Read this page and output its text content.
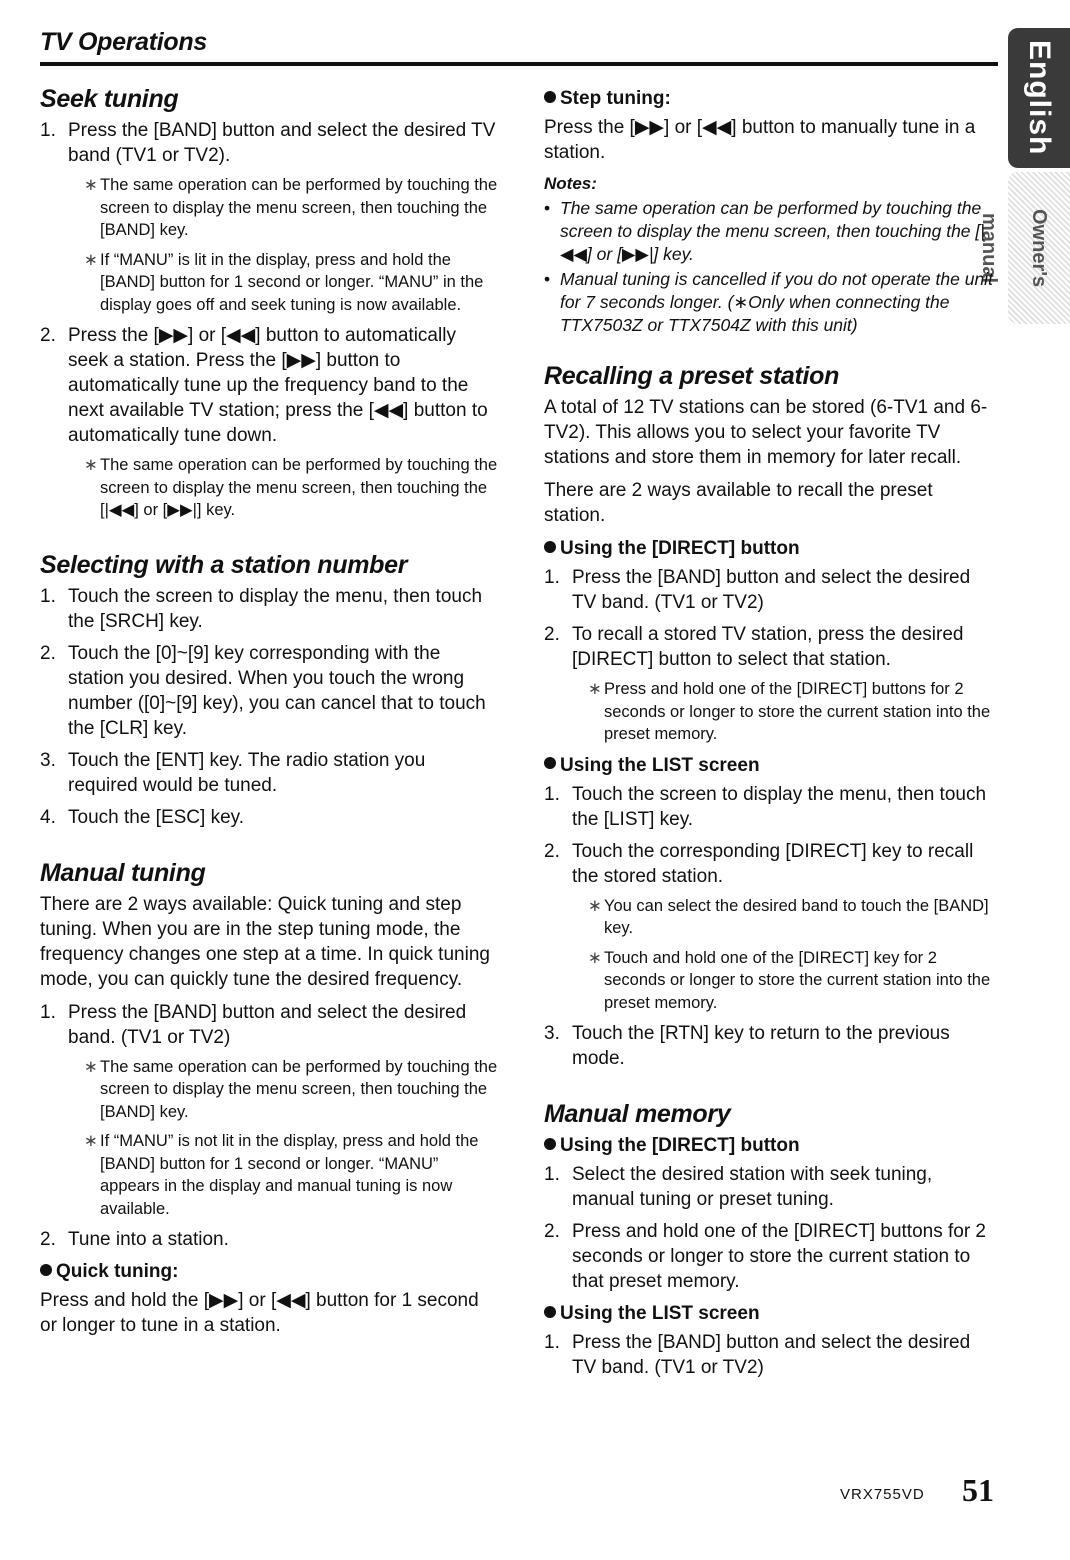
TV Operations	English
Owner's manual
Seek tuning
1. Press the [BAND] button and select the desired TV band (TV1 or TV2).
∗ The same operation can be performed by touching the screen to display the menu screen, then touching the [BAND] key.
∗ If “MANU” is lit in the display, press and hold the [BAND] button for 1 second or longer. “MANU” in the display goes off and seek tuning is now available.
2. Press the [▶▶] or [◀◀] button to automatically seek a station. Press the [▶▶] button to automatically tune up the frequency band to the next available TV station; press the [◀◀] button to automatically tune down.
∗ The same operation can be performed by touching the screen to display the menu screen, then touching the [|◀◀] or [▶▶|] key.
Selecting with a station number
1. Touch the screen to display the menu, then touch the [SRCH] key.
2. Touch the [0]~[9] key corresponding with the station you desired. When you touch the wrong number ([0]~[9] key), you can cancel that to touch the [CLR] key.
3. Touch the [ENT] key. The radio station you required would be tuned.
4. Touch the [ESC] key.
Manual tuning

There are 2 ways available: Quick tuning and step tuning. When you are in the step tuning mode, the frequency changes one step at a time. In quick tuning mode, you can quickly tune the desired frequency.

1. Press the [BAND] button and select the desired band. (TV1 or TV2)
∗ The same operation can be performed by touching the screen to display the menu screen, then touching the [BAND] key.
∗ If “MANU” is not lit in the display, press and hold the [BAND] button for 1 second or longer. “MANU” appears in the display and manual tuning is now available.
2. Tune into a station.
Quick tuning:

Press and hold the [▶▶] or [◀◀] button for 1 second or longer to tune in a station.

Step tuning:

Press the [▶▶] or [◀◀] button to manually tune in a station.

Notes:
• The same operation can be performed by touching the screen to display the menu screen, then touching the [|◀◀] or [▶▶|] key.
• Manual tuning is cancelled if you do not operate the unit for 7 seconds longer. (∗Only when connecting the TTX7503Z or TTX7504Z with this unit)
Recalling a preset station

A total of 12 TV stations can be stored (6-TV1 and 6-TV2). This allows you to select your favorite TV stations and store them in memory for later recall.

There are 2 ways available to recall the preset station.

Using the [DIRECT] button
1. Press the [BAND] button and select the desired TV band. (TV1 or TV2)
2. To recall a stored TV station, press the desired [DIRECT] button to select that station.
∗ Press and hold one of the [DIRECT] buttons for 2 seconds or longer to store the current station into the preset memory.
Using the LIST screen
1. Touch the screen to display the menu, then touch the [LIST] key.
2. Touch the corresponding [DIRECT] key to recall the stored station.
∗ You can select the desired band to touch the [BAND] key.
∗ Touch and hold one of the [DIRECT] key for 2 seconds or longer to store the current station into the preset memory.
3. Touch the [RTN] key to return to the previous mode.
Manual memory
Using the [DIRECT] button
1. Select the desired station with seek tuning, manual tuning or preset tuning.
2. Press and hold one of the [DIRECT] buttons for 2 seconds or longer to store the current station to that preset memory.
Using the LIST screen
1. Press the [BAND] button and select the desired TV band. (TV1 or TV2)
VRX755VD 51
